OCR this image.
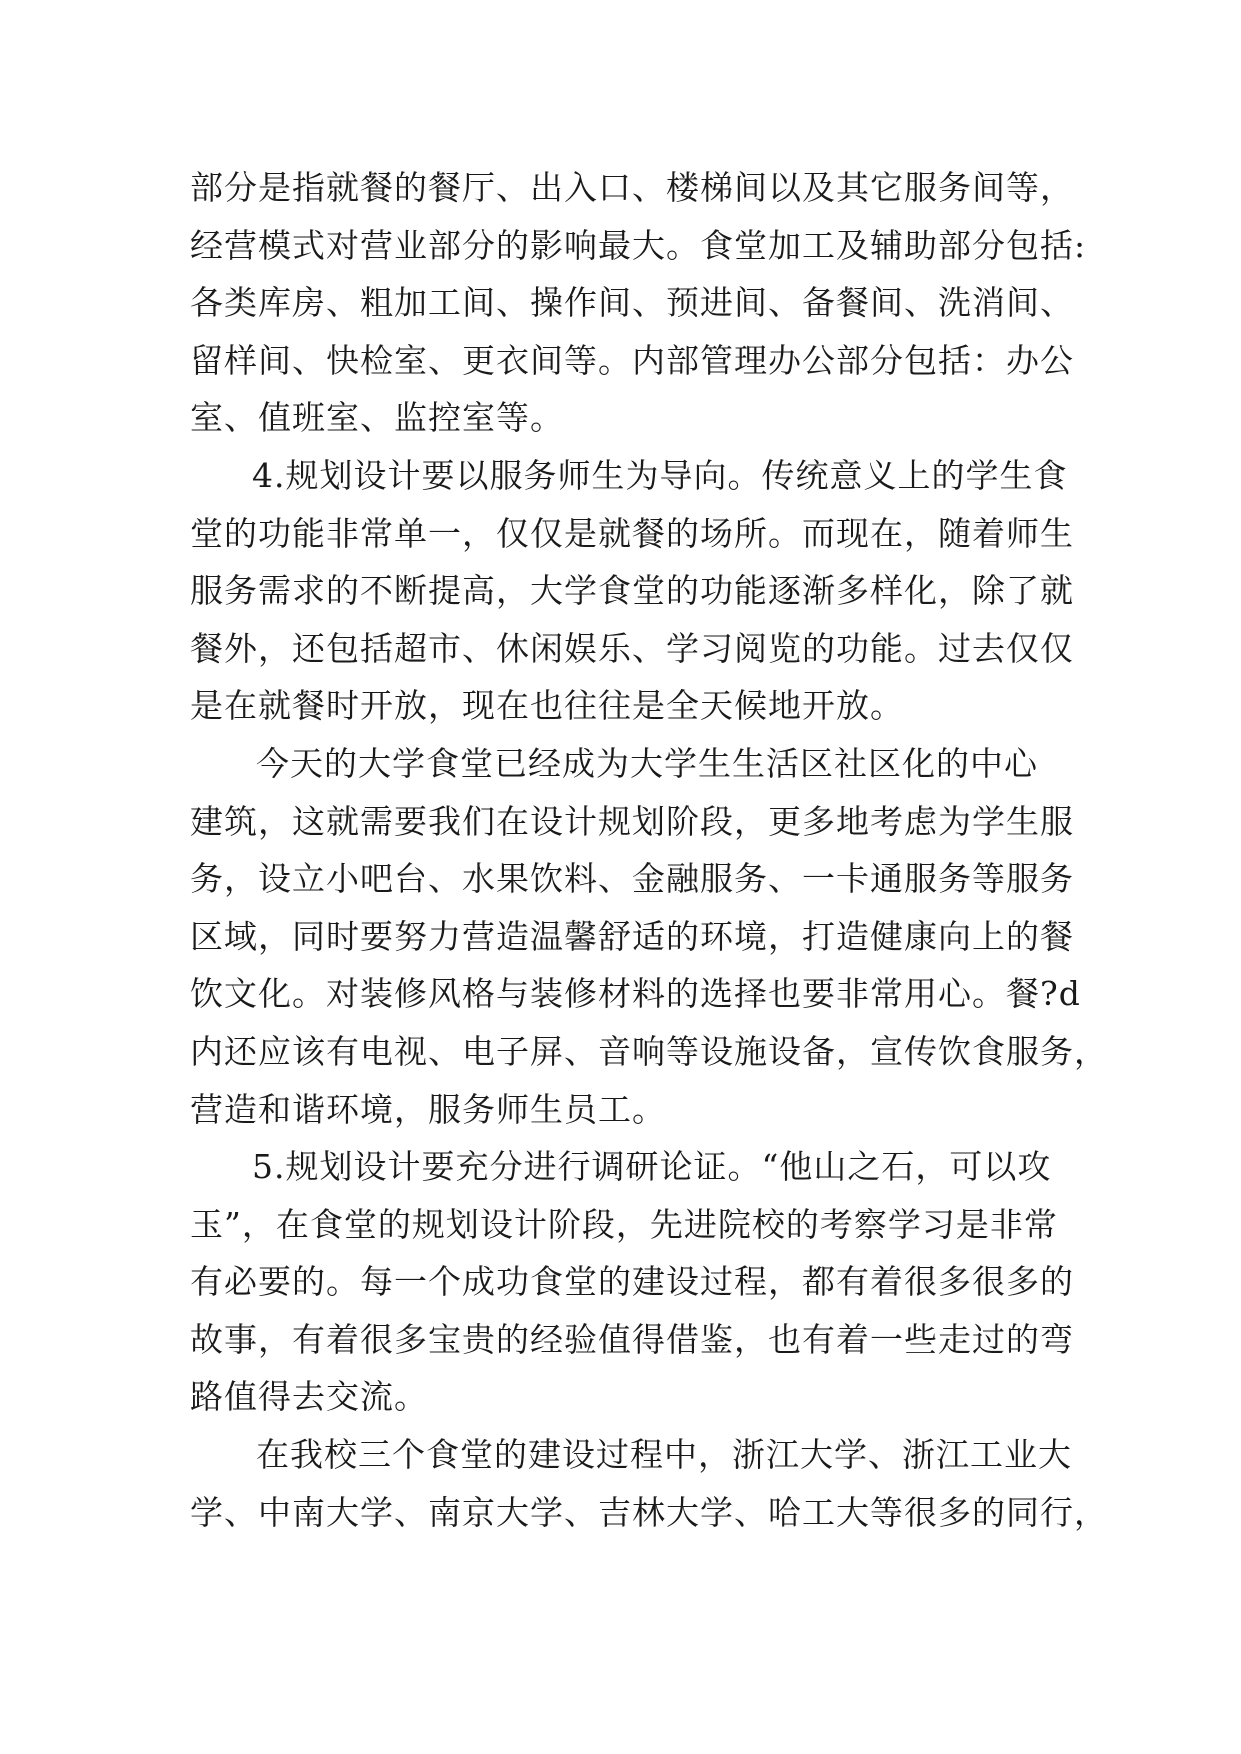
部分是指就餐的餐厅、出入口、楼梯间以及其它服务间等，
经营模式对营业部分的影响最大。食堂加工及辅助部分包括:
各类库房、粗加工间、操作间、预进间、备餐间、洗消间、
留样间、快检室、更衣间等。内部管理办公部分包括：办公
室、值班室、监控室等。
4.规划设计要以服务师生为导向。传统意义上的学生食
堂的功能非常单一，仅仅是就餐的场所。而现在，随着师生
服务需求的不断提高，大学食堂的功能逐渐多样化，除了就
餐外，还包括超市、休闲娱乐、学习阅览的功能。过去仅仅
是在就餐时开放，现在也往往是全天候地开放。
今天的大学食堂已经成为大学生生活区社区化的中心
建筑，这就需要我们在设计规划阶段，更多地考虑为学生服
务，设立小吧台、水果饮料、金融服务、一卡通服务等服务
区域，同时要努力营造温馨舒适的环境，打造健康向上的餐
饮文化。对装修风格与装修材料的选择也要非常用心。餐?d
内还应该有电视、电子屏、音响等设施设备，宣传饮食服务，
营造和谐环境，服务师生员工。
5.规划设计要充分进行调研论证。“他山之石，可以攻
玉”，在食堂的规划设计阶段，先进院校的考察学习是非常
有必要的。每一个成功食堂的建设过程，都有着很多很多的
故事，有着很多宝贵的经验值得借鉴，也有着一些走过的弯
路值得去交流。
在我校三个食堂的建设过程中，浙江大学、浙江工业大
学、中南大学、南京大学、吉林大学、哈工大等很多的同行，
